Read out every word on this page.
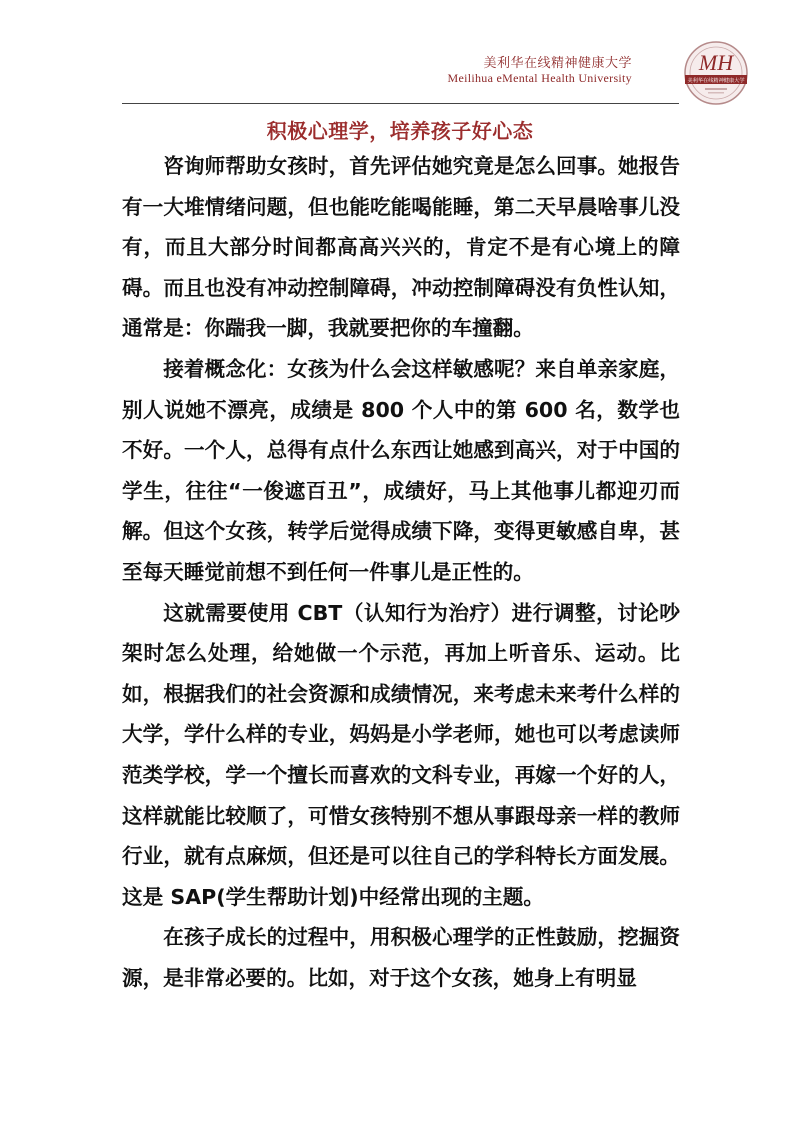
美利华在线精神健康大学
Meilihua eMental Health University
MH
美利华在线精神健康大学
积极心理学，培养孩子好心态

咨询师帮助女孩时，首先评估她究竟是怎么回事。她报告有一大堆情绪问题，但也能吃能喝能睡，第二天早晨啥事儿没有，而且大部分时间都高高兴兴的，肯定不是有心境上的障碍。而且也没有冲动控制障碍，冲动控制障碍没有负性认知，通常是：你踹我一脚，我就要把你的车撞翻。

接着概念化：女孩为什么会这样敏感呢？来自单亲家庭，别人说她不漂亮，成绩是 800 个人中的第 600 名，数学也不好。一个人，总得有点什么东西让她感到高兴，对于中国的学生，往往“一俊遮百丑”，成绩好，马上其他事儿都迎刃而解。但这个女孩，转学后觉得成绩下降，变得更敏感自卑，甚至每天睡觉前想不到任何一件事儿是正性的。

这就需要使用 CBT（认知行为治疗）进行调整，讨论吵架时怎么处理，给她做一个示范，再加上听音乐、运动。比如，根据我们的社会资源和成绩情况，来考虑未来考什么样的大学，学什么样的专业，妈妈是小学老师，她也可以考虑读师范类学校，学一个擅长而喜欢的文科专业，再嫁一个好的人，这样就能比较顺了，可惜女孩特别不想从事跟母亲一样的教师行业，就有点麻烦，但还是可以往自己的学科特长方面发展。这是 SAP(学生帮助计划)中经常出现的主题。

在孩子成长的过程中，用积极心理学的正性鼓励，挖掘资源，是非常必要的。比如，对于这个女孩，她身上有明显
